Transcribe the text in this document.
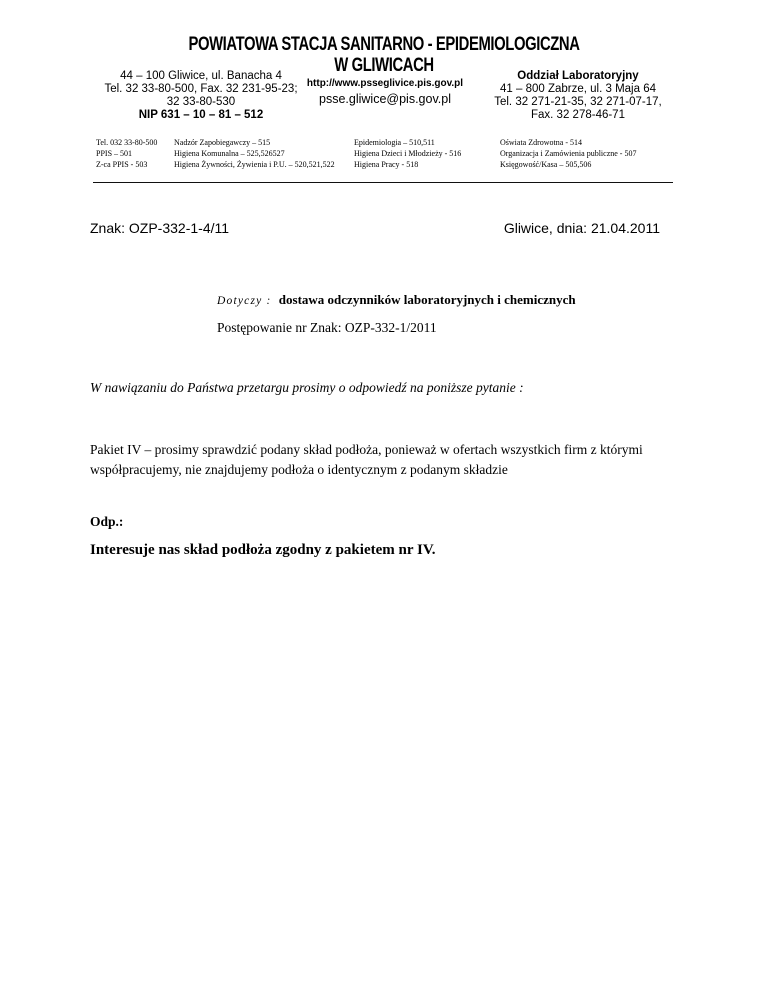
POWIATOWA STACJA SANITARNO - EPIDEMIOLOGICZNA
W GLIWICACH
44 – 100 Gliwice, ul. Banacha 4
Tel. 32 33-80-500, Fax. 32 231-95-23;
32 33-80-530
NIP 631 – 10 – 81 – 512
http://www.psseglivice.pis.gov.pl
psse.gliwice@pis.gov.pl
Oddział Laboratoryjny
41 – 800 Zabrze, ul. 3 Maja 64
Tel. 32 271-21-35, 32 271-07-17,
Fax. 32 278-46-71
Tel. 032 33-80-500
PPIS – 501
Z-ca PPIS - 503
Nadzór Zapobiegawczy – 515
Higiena Komunalna – 525,526527
Higiena Żywności, Żywienia i P.U. – 520,521,522
Epidemiologia – 510,511
Higiena Dzieci i Młodzieży - 516
Higiena Pracy - 518
Oświata Zdrowotna - 514
Organizacja i Zamówienia publiczne - 507
Księgowość/Kasa – 505,506
Znak: OZP-332-1-4/11	Gliwice, dnia: 21.04.2011
Dotyczy : dostawa odczynników laboratoryjnych i chemicznych
Postępowanie nr Znak: OZP-332-1/2011
W nawiązaniu do Państwa przetargu prosimy o odpowiedź na poniższe pytanie :
Pakiet IV – prosimy sprawdzić podany skład podłoża, ponieważ w ofertach wszystkich firm z którymi
współpracujemy, nie znajdujemy podłoża o identycznym z podanym składzie
Odp.:
Interesuje nas skład podłoża zgodny z pakietem nr IV.
